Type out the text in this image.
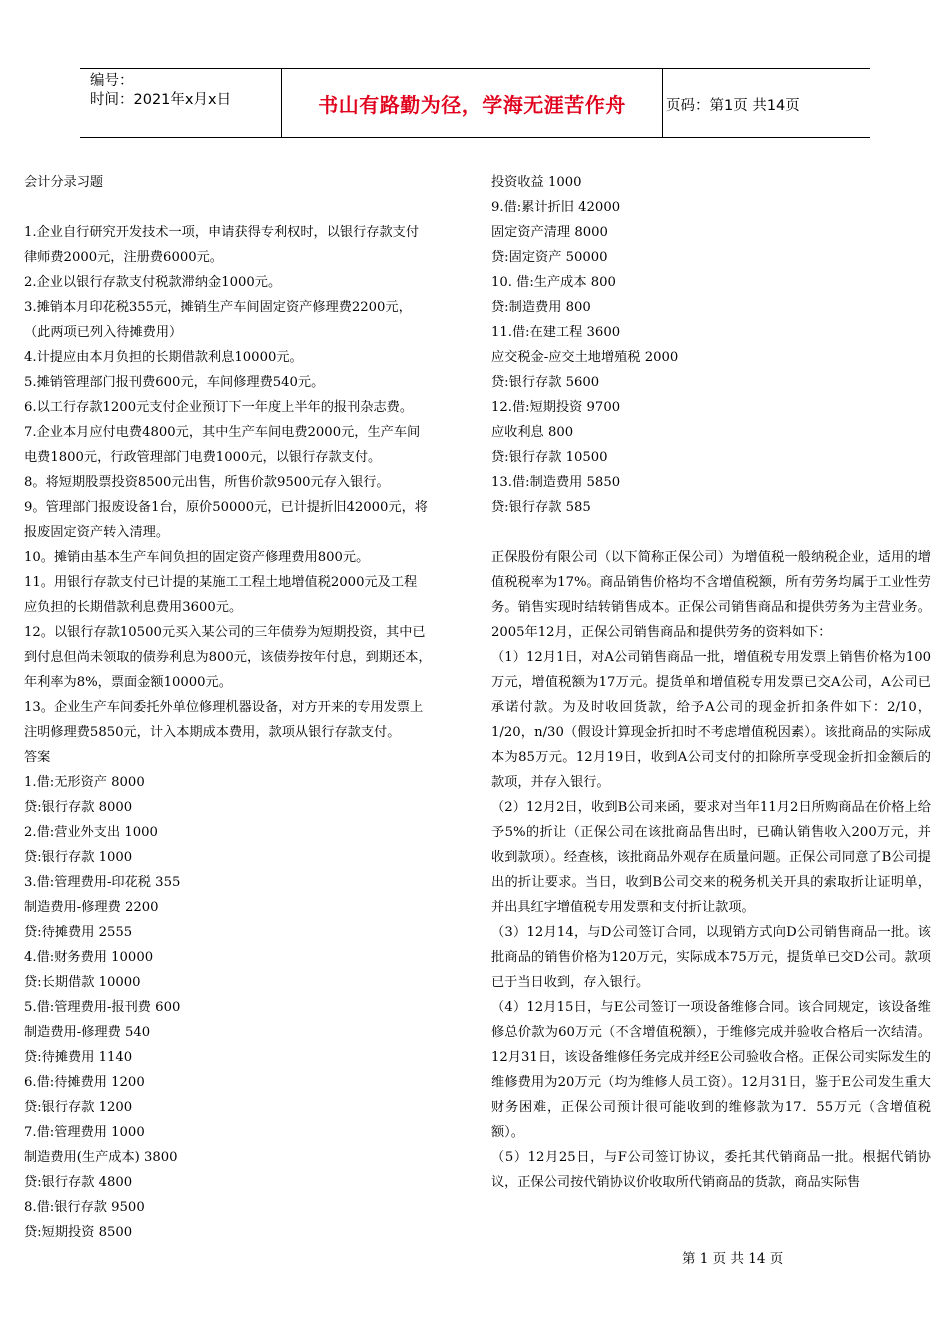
编号：
时间：2021年x月x日	书山有路勤为径，学海无涯苦作舟	页码：第1页 共14页
会计分录习题
1.企业自行研究开发技术一项，申请获得专利权时，以银行存款支付
律师费2000元，注册费6000元。
2.企业以银行存款支付税款滞纳金1000元。
3.摊销本月印花税355元，摊销生产车间固定资产修理费2200元，
（此两项已列入待摊费用）
4.计提应由本月负担的长期借款利息10000元。
5.摊销管理部门报刊费600元，车间修理费540元。
6.以工行存款1200元支付企业预订下一年度上半年的报刊杂志费。
7.企业本月应付电费4800元，其中生产车间电费2000元，生产车间
电费1800元，行政管理部门电费1000元，以银行存款支付。
8。将短期股票投资8500元出售，所售价款9500元存入银行。
9。管理部门报废设备1台，原价50000元，已计提折旧42000元，将
报废固定资产转入清理。
10。摊销由基本生产车间负担的固定资产修理费用800元。
11。用银行存款支付已计提的某施工工程土地增值税2000元及工程
应负担的长期借款利息费用3600元。
12。以银行存款10500元买入某公司的三年债券为短期投资，其中已
到付息但尚未领取的债券利息为800元，该债券按年付息，到期还本，
年利率为8%，票面金额10000元。
13。企业生产车间委托外单位修理机器设备，对方开来的专用发票上
注明修理费5850元，计入本期成本费用，款项从银行存款支付。
答案
1.借:无形资产 8000
贷:银行存款 8000
2.借:营业外支出 1000
贷:银行存款 1000
3.借:管理费用-印花税 355
制造费用-修理费 2200
贷:待摊费用 2555
4.借:财务费用 10000
贷:长期借款 10000
5.借:管理费用-报刊费 600
制造费用-修理费 540
贷:待摊费用 1140
6.借:待摊费用 1200
贷:银行存款 1200
7.借:管理费用 1000
制造费用(生产成本) 3800
贷:银行存款 4800
8.借:银行存款 9500
贷:短期投资 8500
投资收益 1000
9.借:累计折旧 42000
固定资产清理 8000
贷:固定资产 50000
10. 借:生产成本 800
贷:制造费用 800
11.借:在建工程 3600
应交税金-应交土地增殖税 2000
贷:银行存款 5600
12.借:短期投资 9700
应收利息 800
贷:银行存款 10500
13.借:制造费用 5850
贷:银行存款 585
正保股份有限公司（以下简称正保公司）为增值税一般纳税企业，适用的增值税税率为17%。商品销售价格均不含增值税额，所有劳务均属于工业性劳务。销售实现时结转销售成本。正保公司销售商品和提供劳务为主营业务。2005年12月，正保公司销售商品和提供劳务的资料如下：
（1）12月1日，对A公司销售商品一批，增值税专用发票上销售价格为100万元，增值税额为17万元。提货单和增值税专用发票已交A公司，A公司已承诺付款。为及时收回货款，给予A公司的现金折扣条件如下：2/10，1/20，n/30（假设计算现金折扣时不考虑增值税因素）。该批商品的实际成本为85万元。12月19日，收到A公司支付的扣除所享受现金折扣金额后的款项，并存入银行。
（2）12月2日，收到B公司来函，要求对当年11月2日所购商品在价格上给予5%的折让（正保公司在该批商品售出时，已确认销售收入200万元，并收到款项）。经查核，该批商品外观存在质量问题。正保公司同意了B公司提出的折让要求。当日，收到B公司交来的税务机关开具的索取折让证明单，并出具红字增值税专用发票和支付折让款项。
（3）12月14，与D公司签订合同，以现销方式向D公司销售商品一批。该批商品的销售价格为120万元，实际成本75万元，提货单已交D公司。款项已于当日收到，存入银行。
（4）12月15日，与E公司签订一项设备维修合同。该合同规定，该设备维修总价款为60万元（不含增值税额），于维修完成并验收合格后一次结清。12月31日，该设备维修任务完成并经E公司验收合格。正保公司实际发生的维修费用为20万元（均为维修人员工资）。12月31日，鉴于E公司发生重大财务困难，正保公司预计很可能收到的维修款为17．55万元（含增值税额）。
（5）12月25日，与F公司签订协议，委托其代销商品一批。根据代销协议，正保公司按代销协议价收取所代销商品的货款，商品实际售
第 1 页 共 14 页
